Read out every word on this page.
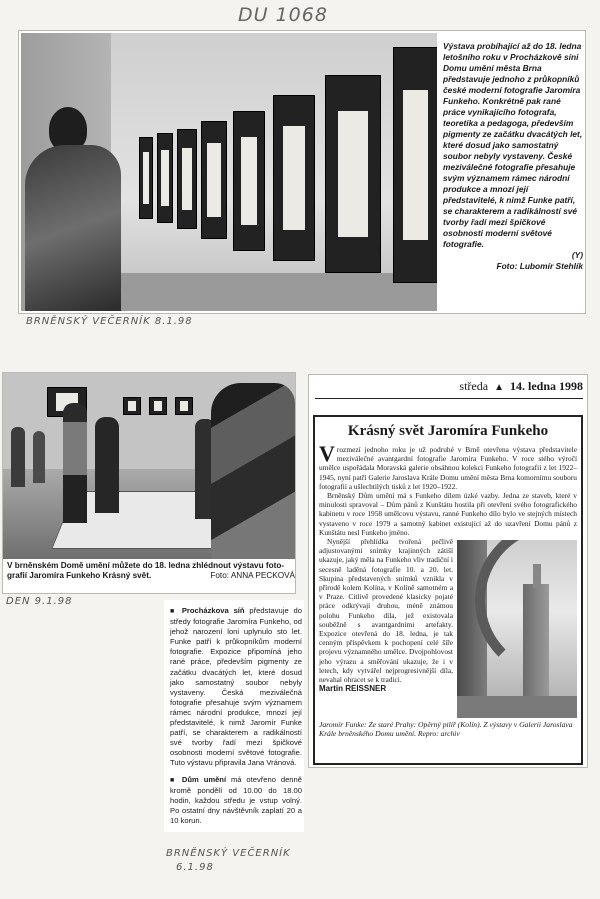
DU 1068

Výstava probíhající až do 18. ledna letošního roku v Procházkově síni Domu umění města Brna představuje jednoho z průkopníků české moderní fotografie Jaromíra Funkeho. Konkrétně pak rané práce vynikajícího fotografa, teoretika a pedagoga, především pigmenty ze začátku dvacátých let, které dosud jako samostatný soubor nebyly vystaveny. České meziválečné fotografie přesahuje svým významem rámec národní produkce a mnozí její představitelé, k nimž Funke patří, se charakterem a radikálností své tvorby řadí mezi špičkové osobnosti moderní světové fotografie.

(Y)

Foto: Lubomír Stehlík

BRNĚNSKÝ VEČERNÍK 8.1.98
V brněnském Domě umění můžete do 18. ledna zhlédnout výstavu foto-
grafií Jaromíra Funkeho Krásný svět.	Foto: ANNA PECKOVÁ
DEN 9.1.98
středa ▲ 14. ledna 1998
Krásný svět Jaromíra Funkeho

V rozmezí jednoho roku je už podruhé v Brně otevřena výstava představitele meziválečné avantgardní fotografie Jaromíra Funkeho. V roce stého výročí umělce uspořádala Moravská galerie obsáhnou kolekci Funkeho fotografií z let 1922–1945, nyní patří Galerie Jaroslava Krále Domu umění města Brna komornímu souboru fotografií a ušlechtilých tisků z let 1920–1922.

Brněnský Dům umění má s Funkeho dílem úzké vazby. Jedna ze staveb, které v minulosti spravoval – Dům pánů z Kunštátu hostila při otevření svého fotografického kabinetu v roce 1958 umělcovu výstavu, ranné Funkeho dílo bylo ve stejných místech vystaveno v roce 1979 a samotný kabinet existující až do uzavření Domu pánů z Kunštátu nesl Funkeho jméno.

Nynější přehlídka tvořená pečlivě adjustovanými snímky krajinných zátiší ukazuje, jaký měla na Funkeho vliv tradiční i secesně laděná fotografie 10. a 20. let. Skupina představených snímků vznikla v přírodě kolem Kolína, v Kolíně samotném a v Praze. Citlivě provedené klasicky pojaté práce odkrývají druhou, méně známou polohu Funkeho díla, jež existovala souběžně s avantgardními artefakty. Expozice otevřená do 18. ledna, je tak cenným příspěvkem k pochopení celé šíře projevu významného umělce. Dvojpohlovost jeho výrazu a směřování ukazuje, že i v letech, kdy vytvářel nejprogresivnější díla, nevahal ohracet se k tradici.

Martin REISSNER

Jaromír Funke: Ze staré Prahy: Opěrný pilíř (Kolín). Z výstavy v Galerii Jaroslava Krále brněnského Domu umění. Repro: archiv

■ Procházkova síň představuje do středy fotografie Jaromíra Funkeho, od jehož narození loni uplynulo sto let. Funke patří k průkopníkům moderní fotografie. Expozice připomíná jeho rané práce, především pigmenty ze začátku dvacátých let, které dosud jako samostatný soubor nebyly vystaveny. Česká meziválečná fotografie přesahuje svým významem rámec národní produkce, mnozí její představitelé, k nimž Jaromír Funke patří, se charakterem a radikálností své tvorby řadí mezi špičkové osobnosti moderní světové fotografie. Tuto výstavu připravila Jana Vránová.

■ Dům umění má otevřeno denně kromě pondělí od 10.00 do 18.00 hodin, každou středu je vstup volný. Po ostatní dny návštěvník zaplatí 20 a 10 korun.

BRNĚNSKÝ VEČERNÍK
6.1.98
